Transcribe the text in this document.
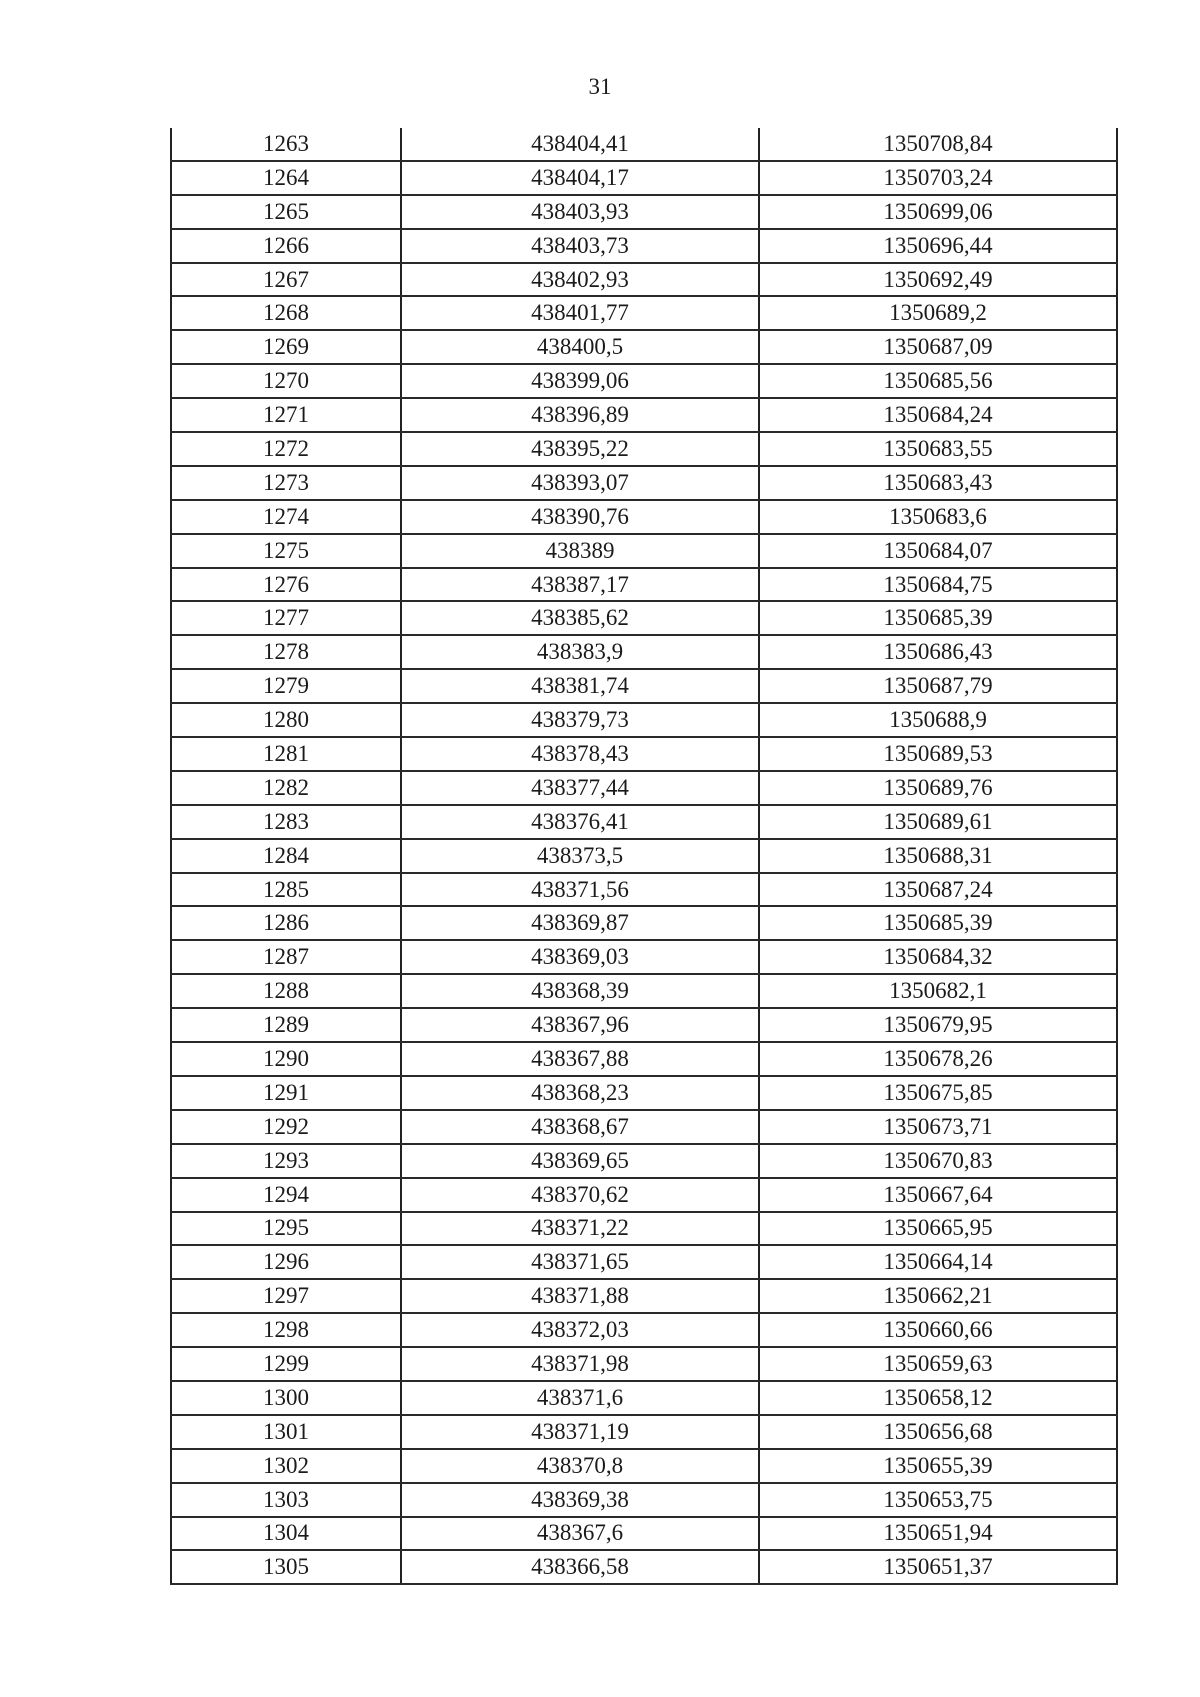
31
1263	438404,41	1350708,84
1264	438404,17	1350703,24
1265	438403,93	1350699,06
1266	438403,73	1350696,44
1267	438402,93	1350692,49
1268	438401,77	1350689,2
1269	438400,5	1350687,09
1270	438399,06	1350685,56
1271	438396,89	1350684,24
1272	438395,22	1350683,55
1273	438393,07	1350683,43
1274	438390,76	1350683,6
1275	438389	1350684,07
1276	438387,17	1350684,75
1277	438385,62	1350685,39
1278	438383,9	1350686,43
1279	438381,74	1350687,79
1280	438379,73	1350688,9
1281	438378,43	1350689,53
1282	438377,44	1350689,76
1283	438376,41	1350689,61
1284	438373,5	1350688,31
1285	438371,56	1350687,24
1286	438369,87	1350685,39
1287	438369,03	1350684,32
1288	438368,39	1350682,1
1289	438367,96	1350679,95
1290	438367,88	1350678,26
1291	438368,23	1350675,85
1292	438368,67	1350673,71
1293	438369,65	1350670,83
1294	438370,62	1350667,64
1295	438371,22	1350665,95
1296	438371,65	1350664,14
1297	438371,88	1350662,21
1298	438372,03	1350660,66
1299	438371,98	1350659,63
1300	438371,6	1350658,12
1301	438371,19	1350656,68
1302	438370,8	1350655,39
1303	438369,38	1350653,75
1304	438367,6	1350651,94
1305	438366,58	1350651,37
